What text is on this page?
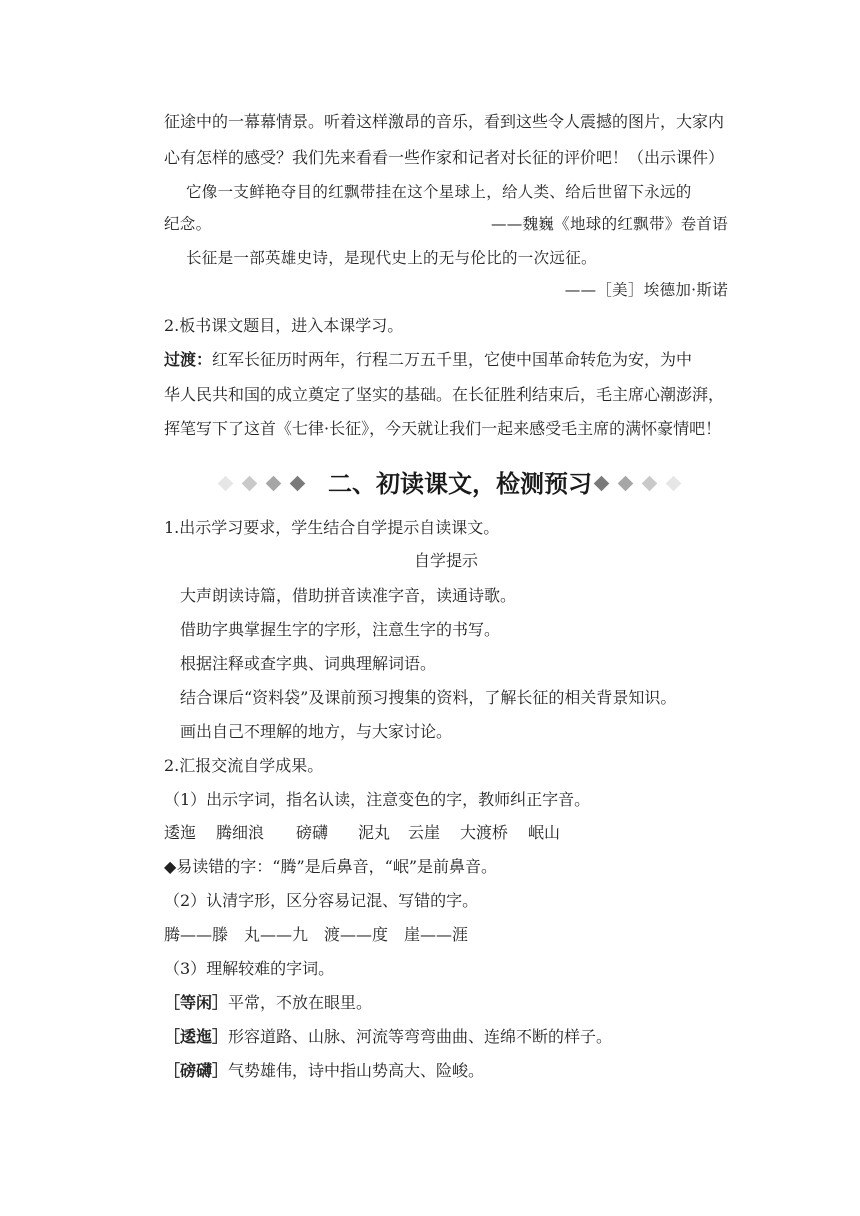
征途中的一幕幕情景。听着这样激昂的音乐，看到这些令人震撼的图片，大家内
心有怎样的感受？我们先来看看一些作家和记者对长征的评价吧！（出示课件）
它像一支鲜艳夺目的红飘带挂在这个星球上，给人类、给后世留下永远的
纪念。	——魏巍《地球的红飘带》卷首语
长征是一部英雄史诗，是现代史上的无与伦比的一次远征。
——［美］埃德加·斯诺
2.板书课文题目，进入本课学习。
过渡：红军长征历时两年，行程二万五千里，它使中国革命转危为安，为中
华人民共和国的成立奠定了坚实的基础。在长征胜利结束后，毛主席心潮澎湃，
挥笔写下了这首《七律·长征》，今天就让我们一起来感受毛主席的满怀豪情吧！
二、初读课文，检测预习
1.出示学习要求，学生结合自学提示自读课文。
自学提示
大声朗读诗篇，借助拼音读准字音，读通诗歌。
借助字典掌握生字的字形，注意生字的书写。
根据注释或查字典、词典理解词语。
结合课后“资料袋”及课前预习搜集的资料，了解长征的相关背景知识。
画出自己不理解的地方，与大家讨论。
2.汇报交流自学成果。
（1）出示字词，指名认读，注意变色的字，教师纠正字音。
逶迤 腾细浪 磅礴 泥丸 云崖 大渡桥 岷山
◆易读错的字：“腾”是后鼻音，“岷”是前鼻音。
（2）认清字形，区分容易记混、写错的字。
腾——滕　丸——九　渡——度　崖——涯
（3）理解较难的字词。
［等闲］平常，不放在眼里。
［逶迤］形容道路、山脉、河流等弯弯曲曲、连绵不断的样子。
［磅礴］气势雄伟，诗中指山势高大、险峻。
